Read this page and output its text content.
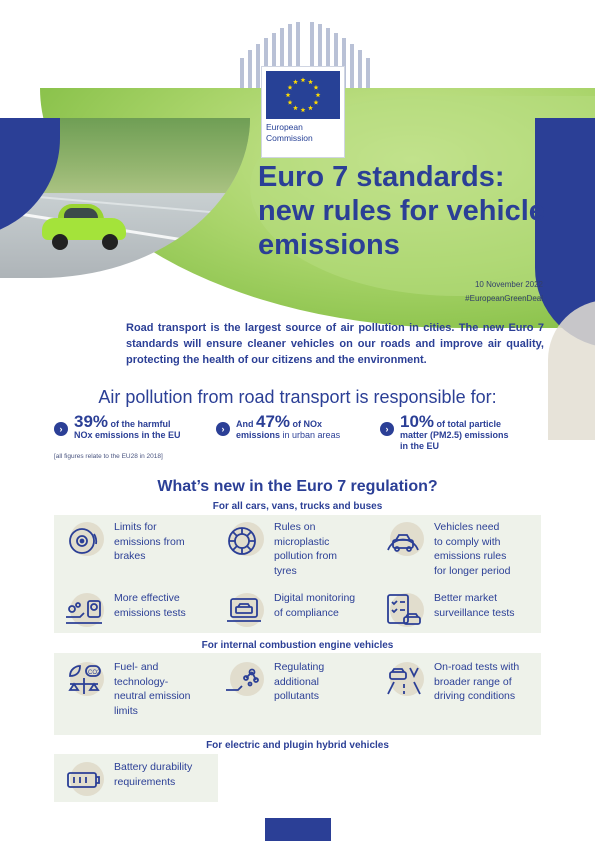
European
Commission
Euro 7 standards:
new rules for vehicle
emissions
10 November 2022
#EuropeanGreenDeal
Road transport is the largest source of air pollution in cities. The new Euro 7 standards will ensure cleaner vehicles on our roads and improve air quality, protecting the health of our citizens and the environment.
Air pollution from road transport is responsible for:
› 39% of the harmful
NOx emissions in the EU
›	And 47% of NOx
emissions in urban areas
› 10% of total particle
matter (PM2.5) emissions
in the EU
[all figures relate to the EU28 in 2018]
What’s new in the Euro 7 regulation?
For all cars, vans, trucks and buses
Limits for
emissions from
brakes
Rules on
microplastic
pollution from
tyres
Vehicles need
to comply with
emissions rules
for longer period
More effective
emissions tests
Digital monitoring
of compliance
Better market
surveillance tests
For internal combustion engine vehicles
CO2 Fuel- and
technology-
neutral emission
limits
Regulating
additional
pollutants
On-road tests with
broader range of
driving conditions
For electric and plugin hybrid vehicles
Battery durability
requirements
